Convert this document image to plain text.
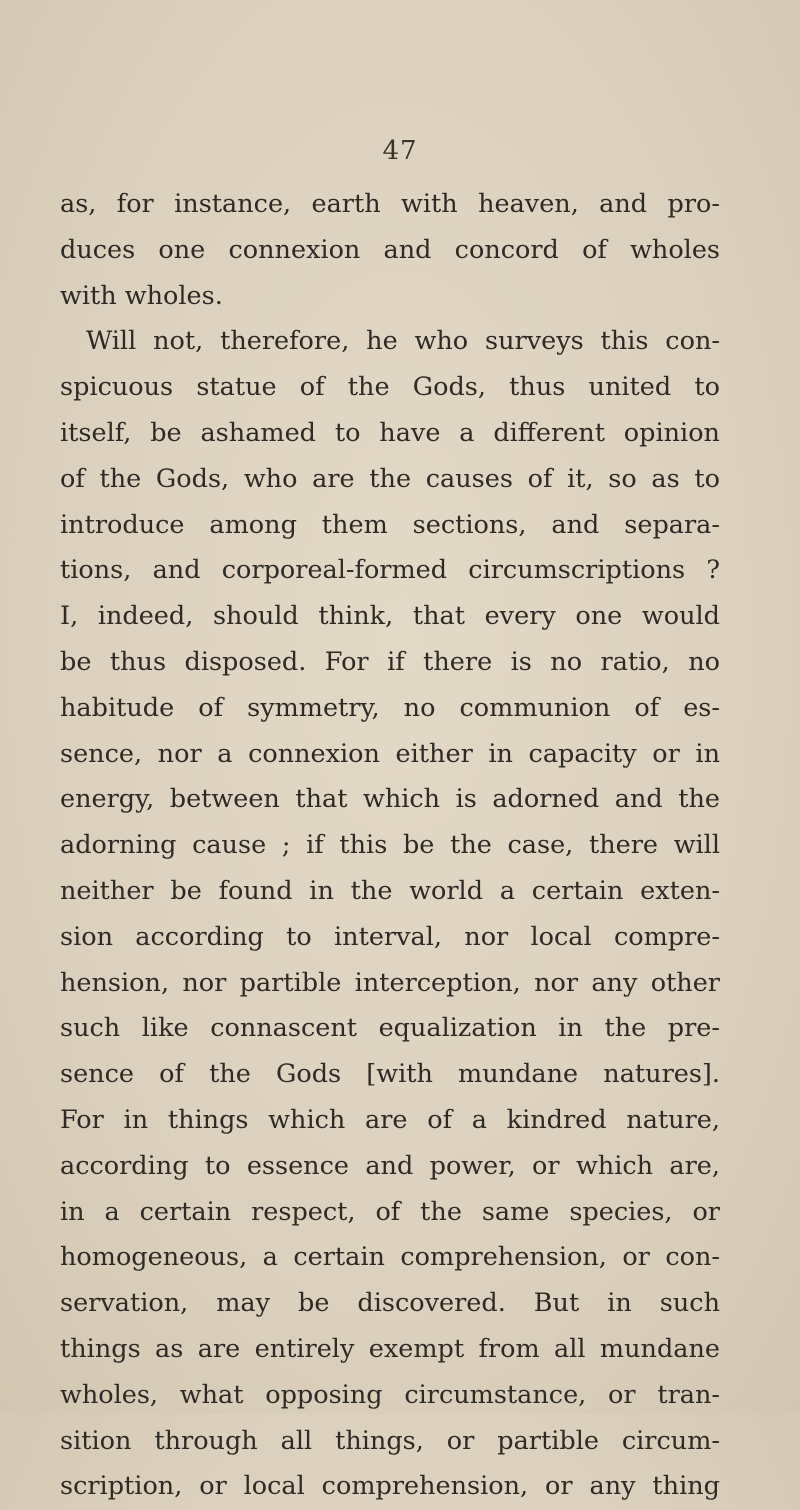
47
as, for instance, earth with heaven, and pro-
duces one connexion and concord of wholes
with wholes.
Will not, therefore, he who surveys this con-
spicuous statue of the Gods, thus united to
itself, be ashamed to have a different opinion
of the Gods, who are the causes of it, so as to
introduce among them sections, and separa-
tions, and corporeal-formed circumscriptions ?
I, indeed, should think, that every one would
be thus disposed. For if there is no ratio, no
habitude of symmetry, no communion of es-
sence, nor a connexion either in capacity or in
energy, between that which is adorned and the
adorning cause ; if this be the case, there will
neither be found in the world a certain exten-
sion according to interval, nor local compre-
hension, nor partible interception, nor any other
such like connascent equalization in the pre-
sence of the Gods [with mundane natures].
For in things which are of a kindred nature,
according to essence and power, or which are,
in a certain respect, of the same species, or
homogeneous, a certain comprehension, or con-
servation, may be discovered. But in such
things as are entirely exempt from all mundane
wholes, what opposing circumstance, or tran-
sition through all things, or partible circum-
scription, or local comprehension, or any thing
